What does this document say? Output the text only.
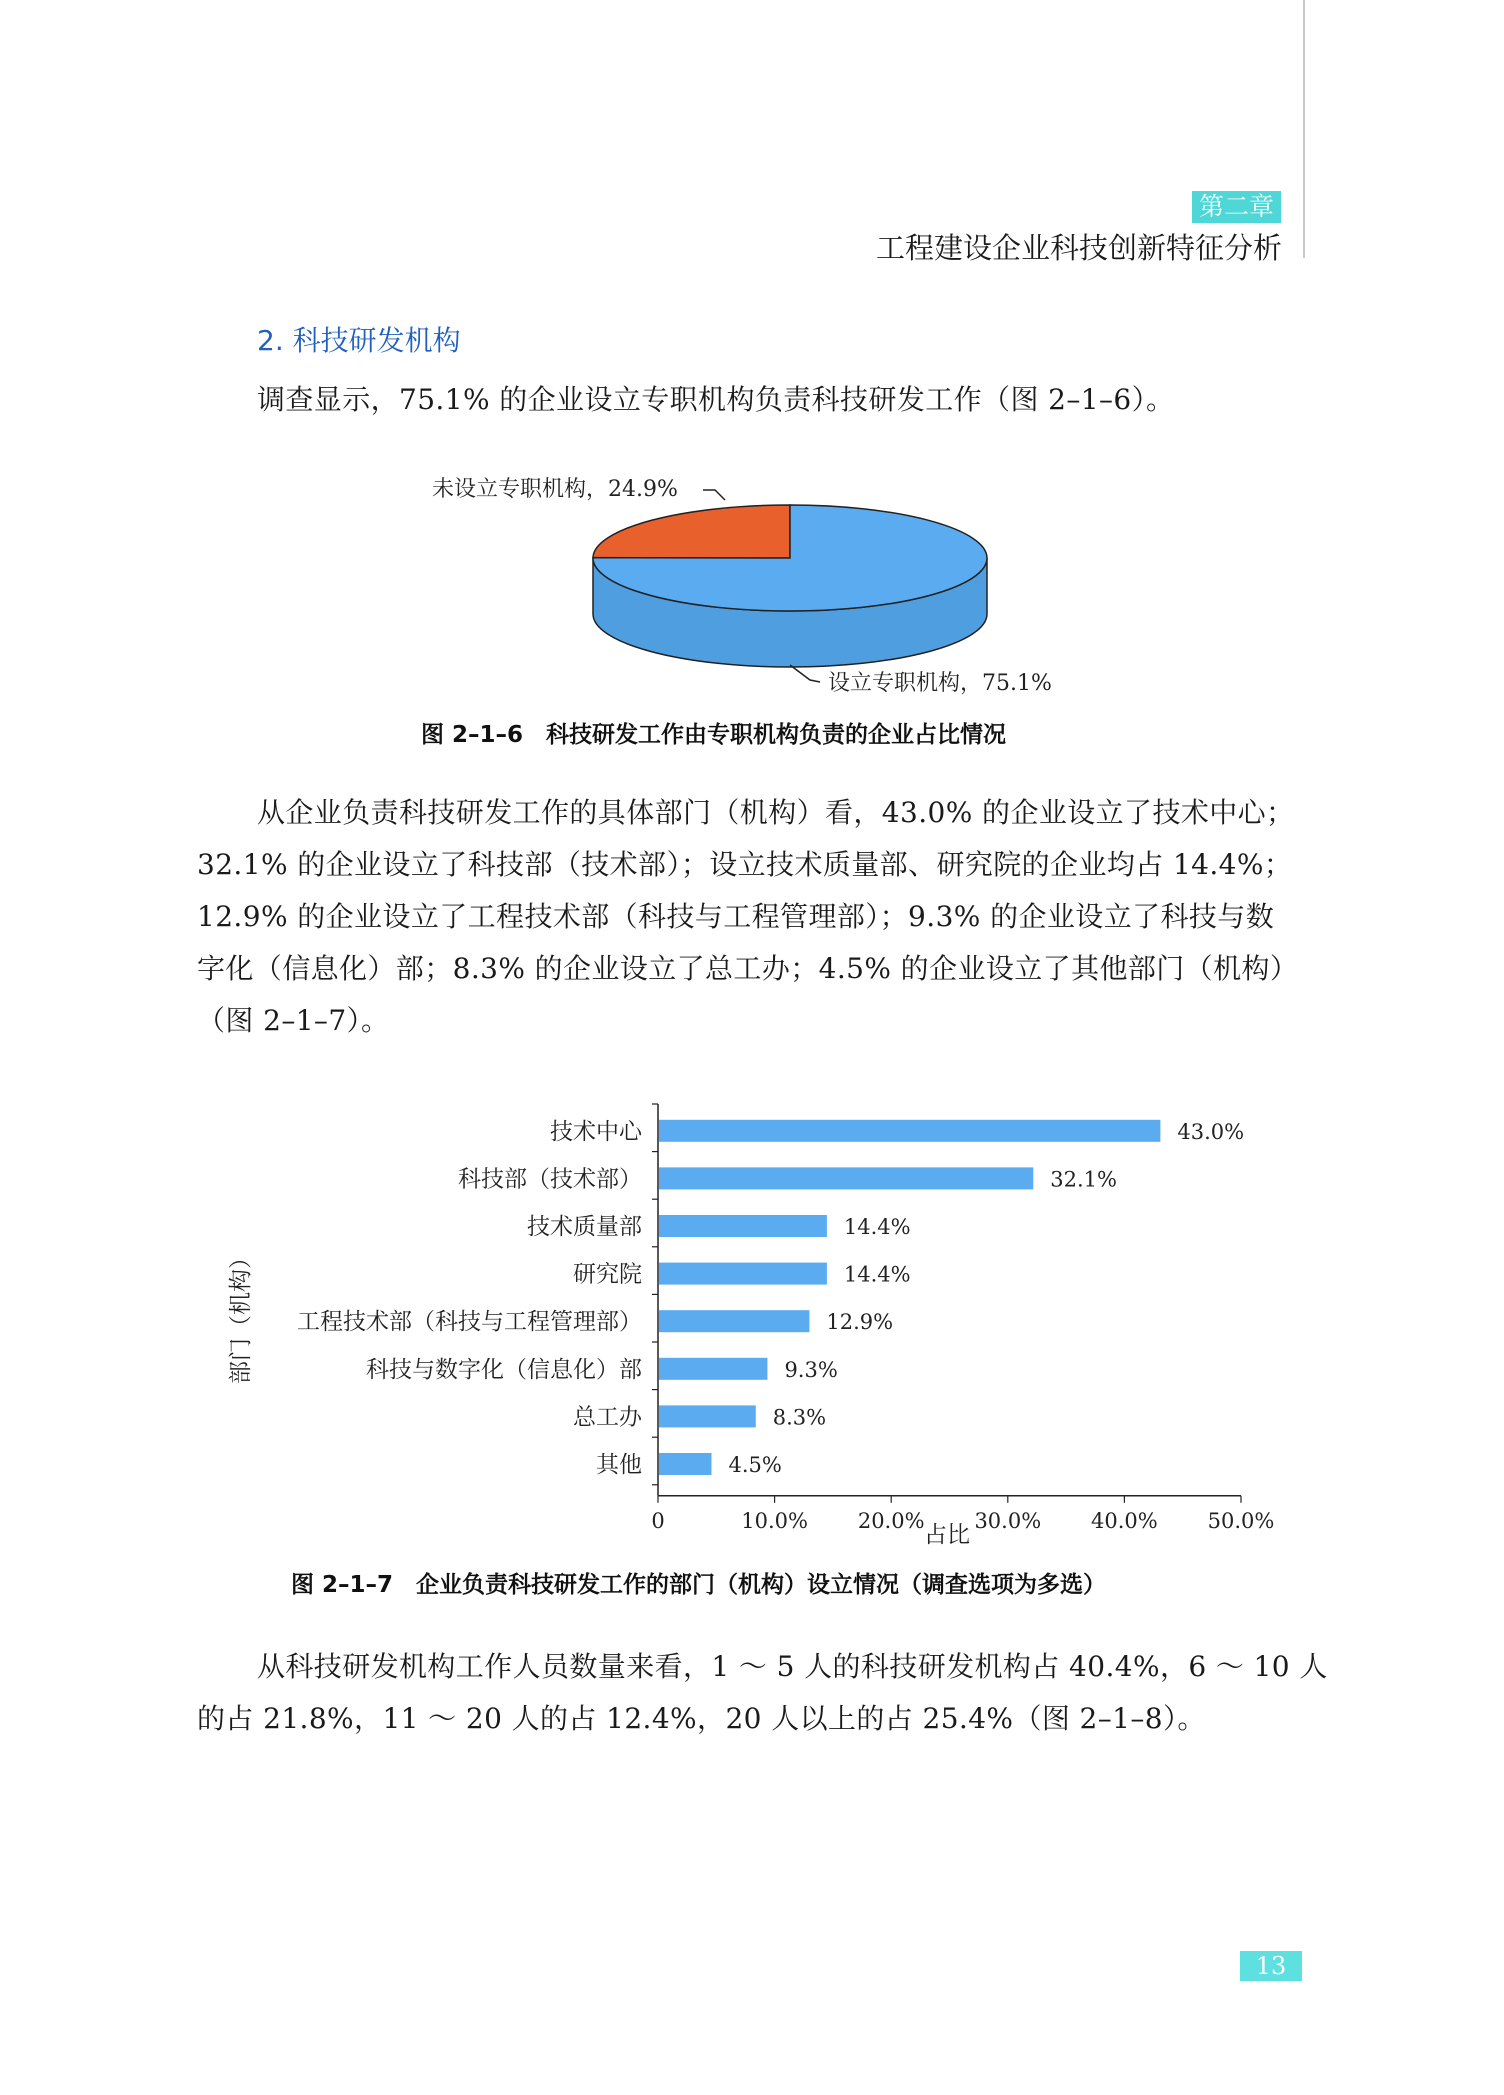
第二章
工程建设企业科技创新特征分析
2. 科技研发机构

调查显示，75.1% 的企业设立专职机构负责科技研发工作（图 2–1–6）。

未设立专职机构，24.9%
设立专职机构，75.1%
图 2–1–6　科技研发工作由专职机构负责的企业占比情况

从企业负责科技研发工作的具体部门（机构）看，43.0% 的企业设立了技术中心；

32.1% 的企业设立了科技部（技术部）；设立技术质量部、研究院的企业均占 14.4%；

12.9% 的企业设立了工程技术部（科技与工程管理部）；9.3% 的企业设立了科技与数

字化（信息化）部；8.3% 的企业设立了总工办；4.5% 的企业设立了其他部门（机构）

（图 2–1–7）。

0	10.0% 20.0% 30.0% 40.0% 50.0%
技术中心	43.0%
科技部（技术部）	32.1%
技术质量部	14.4%
研究院	14.4%
工程技术部（科技与工程管理部）	12.9%
科技与数字化（信息化）部	9.3%
总工办	8.3%
其他	4.5%
占比
部门（机构）
图 2–1–7　企业负责科技研发工作的部门（机构）设立情况（调查选项为多选）

从科技研发机构工作人员数量来看，1 ～ 5 人的科技研发机构占 40.4%，6 ～ 10 人

的占 21.8%，11 ～ 20 人的占 12.4%，20 人以上的占 25.4%（图 2–1–8）。

13
